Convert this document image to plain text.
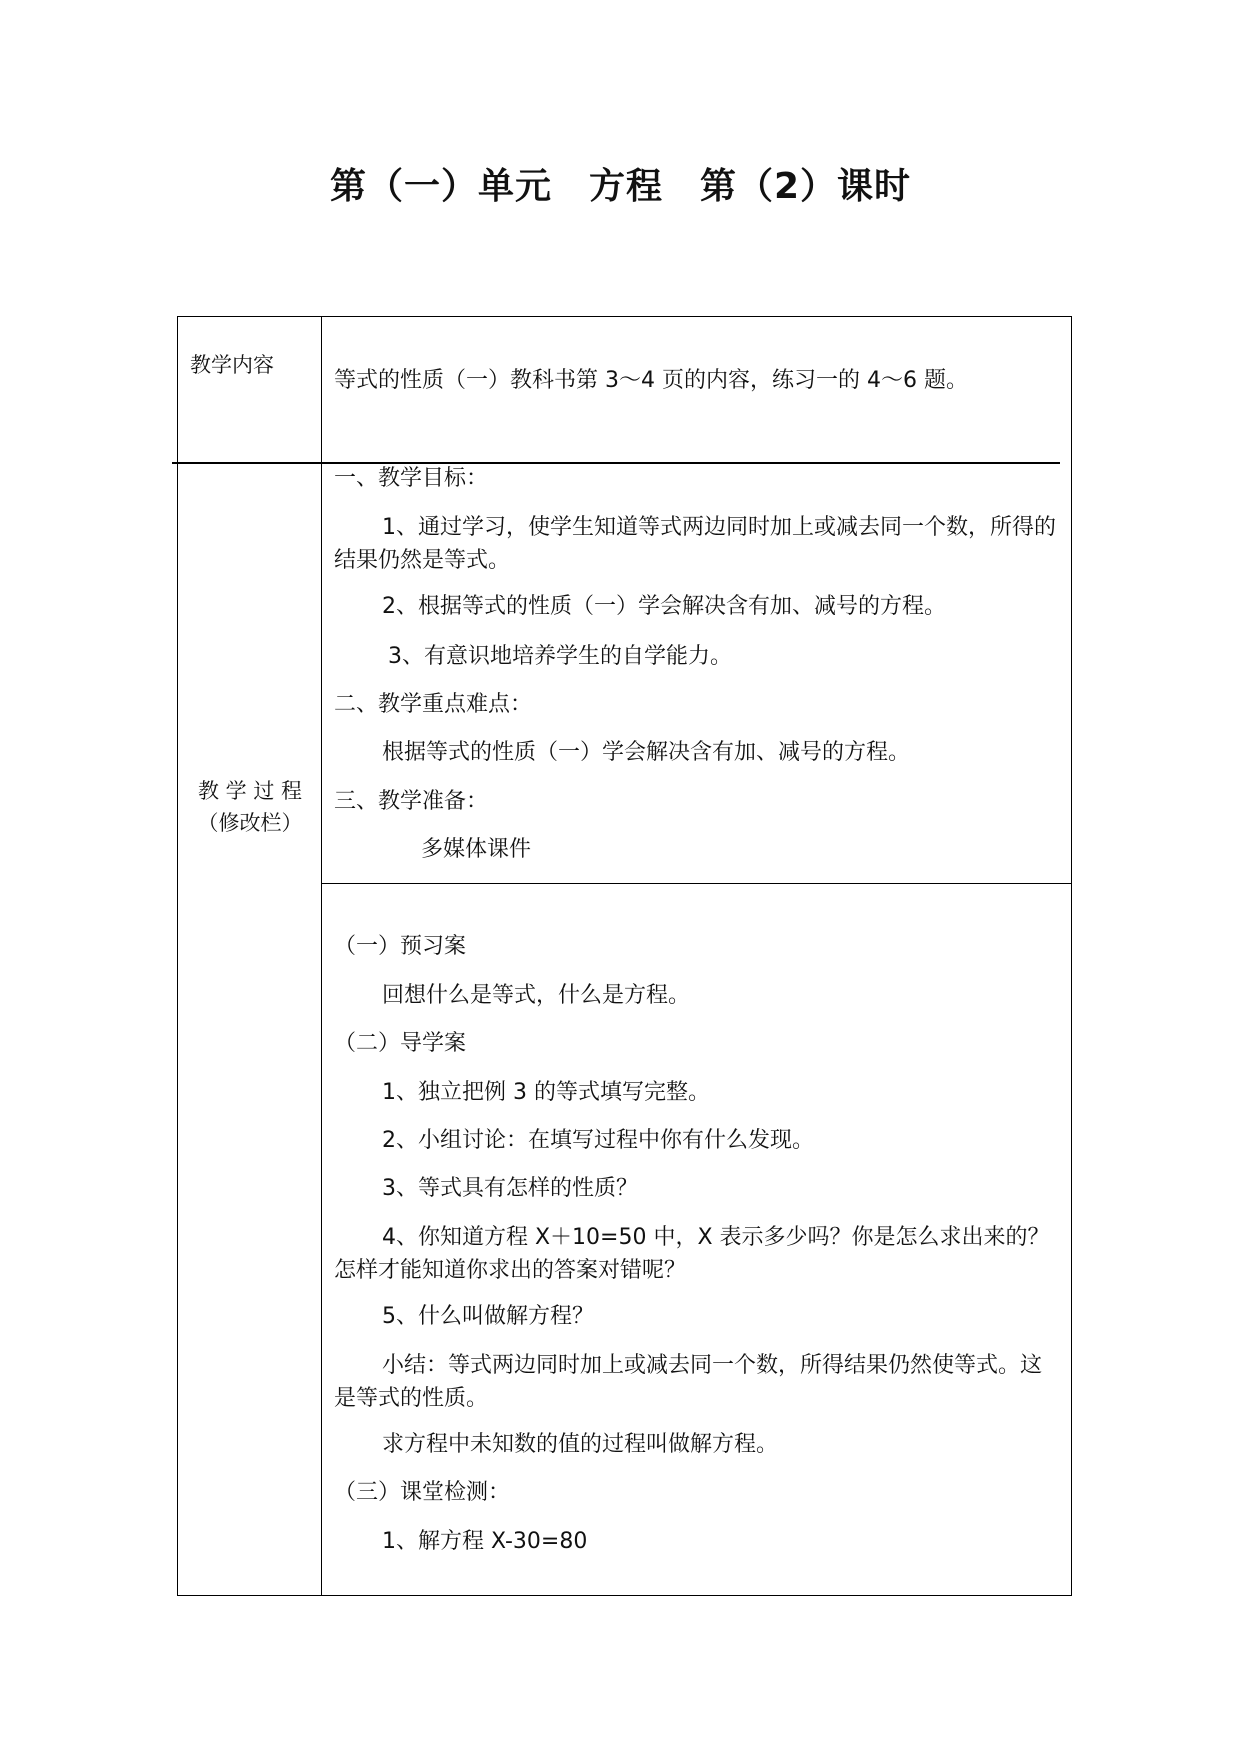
第（一）单元　方程　第（2）课时
教学内容
等式的性质（一）教科书第 3～4 页的内容，练习一的 4～6 题。
教 学 过 程
（修改栏）
一、教学目标：
1、通过学习，使学生知道等式两边同时加上或减去同一个数，所得的结果仍然是等式。
2、根据等式的性质（一）学会解决含有加、减号的方程。
3、有意识地培养学生的自学能力。
二、教学重点难点：
根据等式的性质（一）学会解决含有加、减号的方程。
三、教学准备：
多媒体课件
（一）预习案
回想什么是等式，什么是方程。
（二）导学案
1、独立把例 3 的等式填写完整。
2、小组讨论：在填写过程中你有什么发现。
3、等式具有怎样的性质？
4、你知道方程 X＋10=50 中，X 表示多少吗？你是怎么求出来的？怎样才能知道你求出的答案对错呢？
5、什么叫做解方程？
小结：等式两边同时加上或减去同一个数，所得结果仍然使等式。这是等式的性质。
求方程中未知数的值的过程叫做解方程。
（三）课堂检测：
1、解方程 X-30=80
